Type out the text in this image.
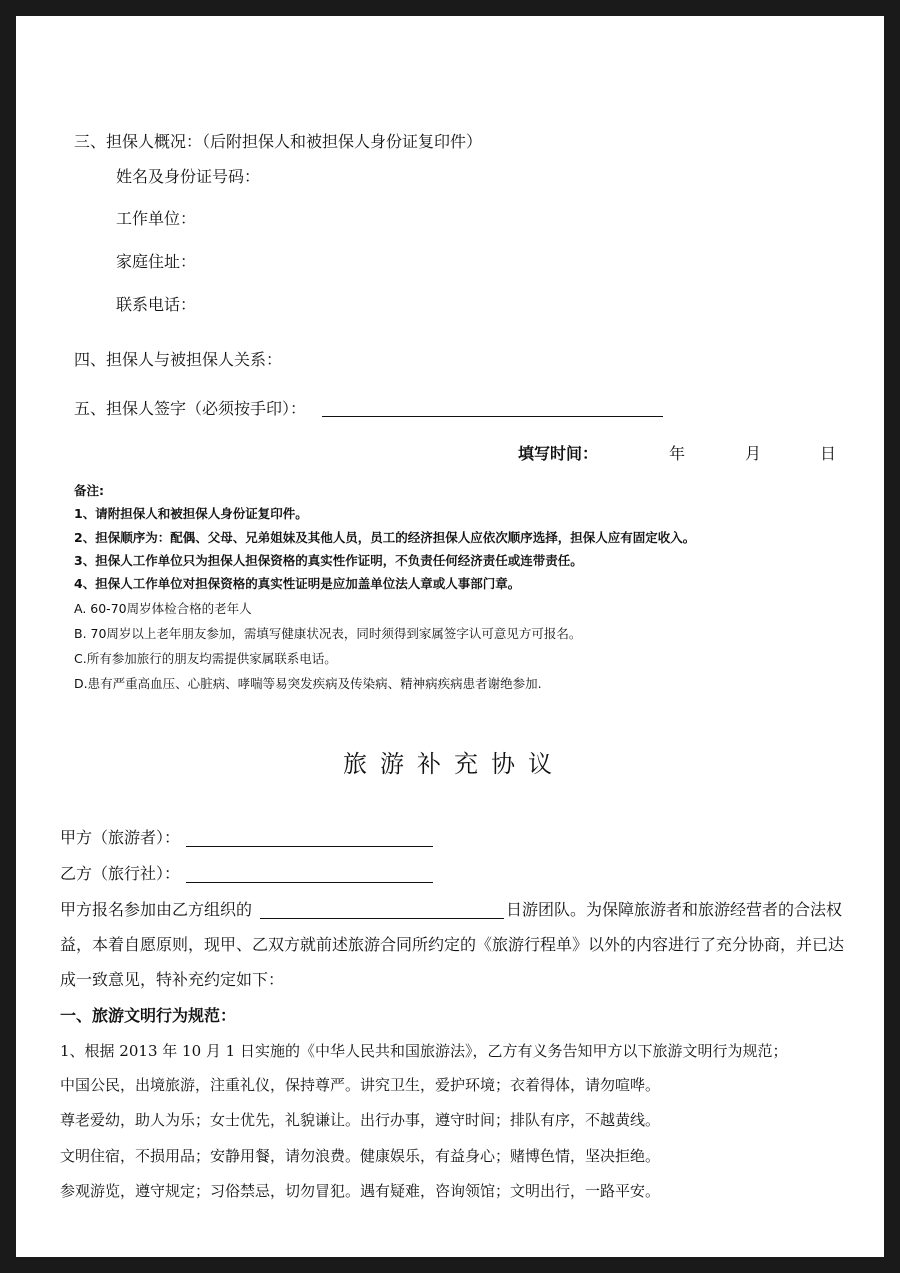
三、担保人概况：（后附担保人和被担保人身份证复印件）
姓名及身份证号码：
工作单位：
家庭住址：
联系电话：
四、担保人与被担保人关系：
五、担保人签字（必须按手印）：
填写时间：	年	月	日
备注:
1、请附担保人和被担保人身份证复印件。
2、担保顺序为：配偶、父母、兄弟姐妹及其他人员，员工的经济担保人应依次顺序选择，担保人应有固定收入。
3、担保人工作单位只为担保人担保资格的真实性作证明，不负责任何经济责任或连带责任。
4、担保人工作单位对担保资格的真实性证明是应加盖单位法人章或人事部门章。
A. 60-70周岁体检合格的老年人
B. 70周岁以上老年朋友参加，需填写健康状况表，同时须得到家属签字认可意见方可报名。
C.所有参加旅行的朋友均需提供家属联系电话。
D.患有严重高血压、心脏病、哮喘等易突发疾病及传染病、精神病疾病患者谢绝参加.
旅游补充协议
甲方（旅游者）：
乙方（旅行社）：
甲方报名参加由乙方组织的	日游团队。为保障旅游者和旅游经营者的合法权
益，本着自愿原则，现甲、乙双方就前述旅游合同所约定的《旅游行程单》以外的内容进行了充分协商，并已达
成一致意见，特补充约定如下：
一、旅游文明行为规范：
1、根据 2013 年 10 月 1 日实施的《中华人民共和国旅游法》，乙方有义务告知甲方以下旅游文明行为规范；
中国公民，出境旅游，注重礼仪，保持尊严。讲究卫生，爱护环境；衣着得体，请勿喧哗。
尊老爱幼，助人为乐；女士优先，礼貌谦让。出行办事，遵守时间；排队有序，不越黄线。
文明住宿，不损用品；安静用餐，请勿浪费。健康娱乐，有益身心；赌博色情，坚决拒绝。
参观游览，遵守规定；习俗禁忌，切勿冒犯。遇有疑难，咨询领馆；文明出行，一路平安。
